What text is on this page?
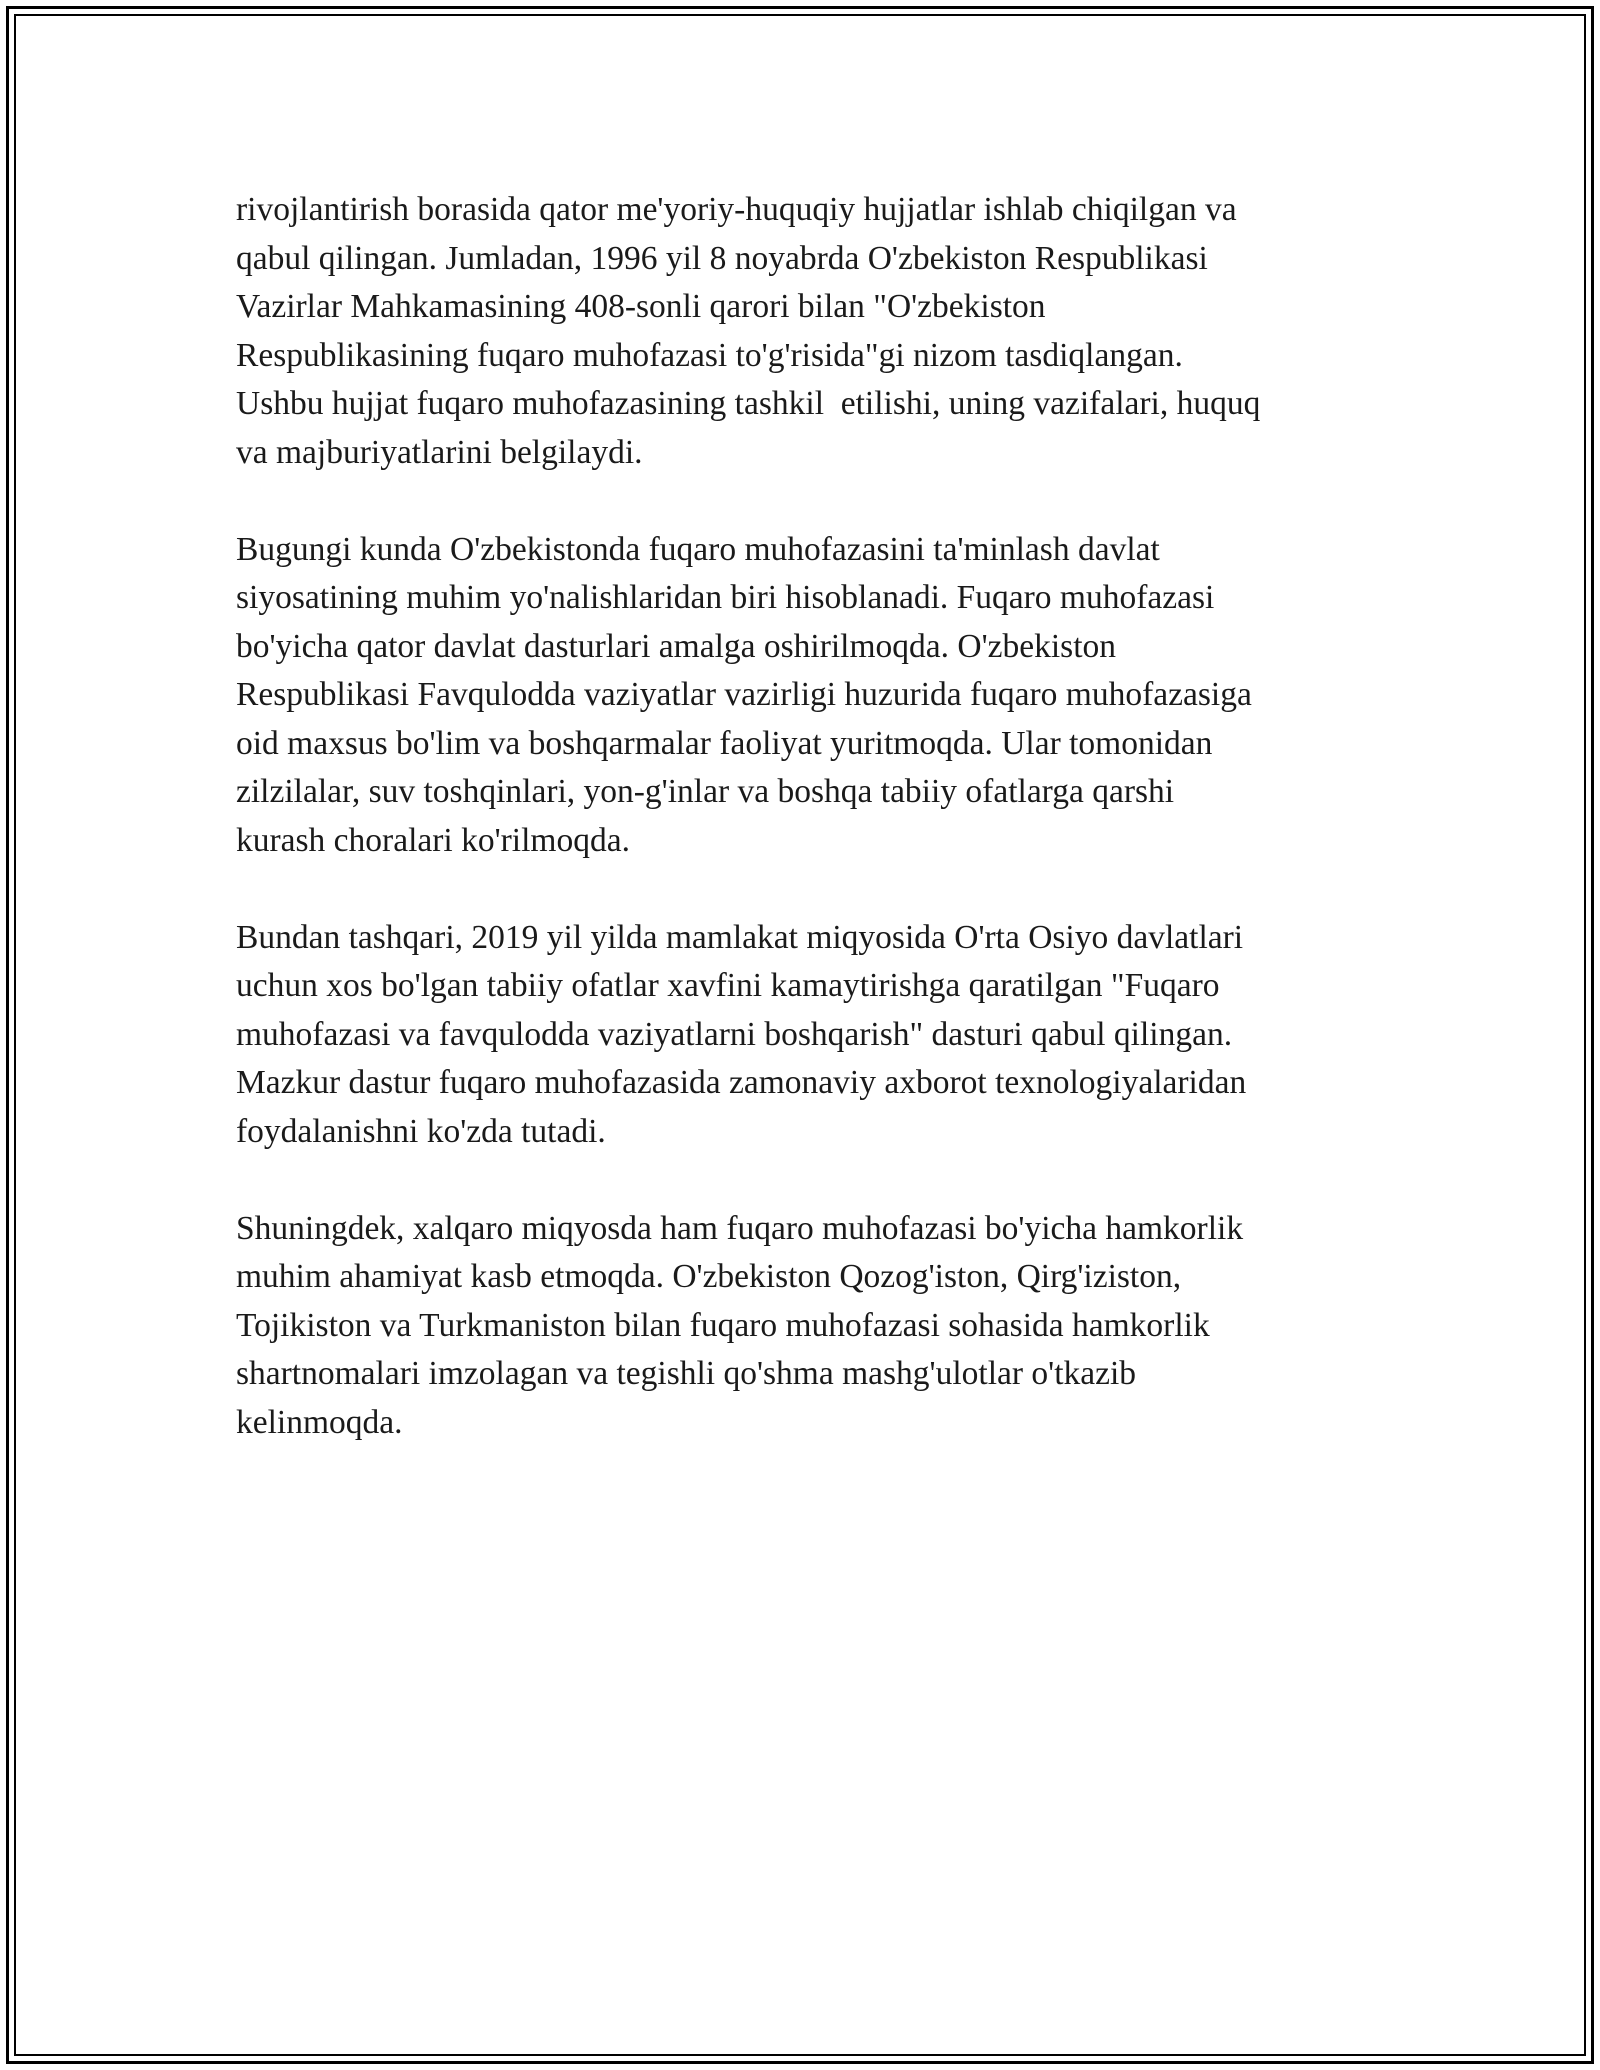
rivojlantirish borasida qator me'yoriy-huquqiy hujjatlar ishlab chiqilgan va
qabul qilingan. Jumladan, 1996 yil 8 noyabrda O'zbekiston Respublikasi
Vazirlar Mahkamasining 408-sonli qarori bilan "O'zbekiston
Respublikasining fuqaro muhofazasi to'g'risida"gi nizom tasdiqlangan.
Ushbu hujjat fuqaro muhofazasining tashkil  etilishi, uning vazifalari, huquq
va majburiyatlarini belgilaydi.

Bugungi kunda O'zbekistonda fuqaro muhofazasini ta'minlash davlat
siyosatining muhim yo'nalishlaridan biri hisoblanadi. Fuqaro muhofazasi
bo'yicha qator davlat dasturlari amalga oshirilmoqda. O'zbekiston
Respublikasi Favqulodda vaziyatlar vazirligi huzurida fuqaro muhofazasiga
oid maxsus bo'lim va boshqarmalar faoliyat yuritmoqda. Ular tomonidan
zilzilalar, suv toshqinlari, yon-g'inlar va boshqa tabiiy ofatlarga qarshi
kurash choralari ko'rilmoqda.

Bundan tashqari, 2019 yil yilda mamlakat miqyosida O'rta Osiyo davlatlari
uchun xos bo'lgan tabiiy ofatlar xavfini kamaytirishga qaratilgan "Fuqaro
muhofazasi va favqulodda vaziyatlarni boshqarish" dasturi qabul qilingan.
Mazkur dastur fuqaro muhofazasida zamonaviy axborot texnologiyalaridan
foydalanishni ko'zda tutadi.

Shuningdek, xalqaro miqyosda ham fuqaro muhofazasi bo'yicha hamkorlik
muhim ahamiyat kasb etmoqda. O'zbekiston Qozog'iston, Qirg'iziston,
Tojikiston va Turkmaniston bilan fuqaro muhofazasi sohasida hamkorlik
shartnomalari imzolagan va tegishli qo'shma mashg'ulotlar o'tkazib
kelinmoqda.
